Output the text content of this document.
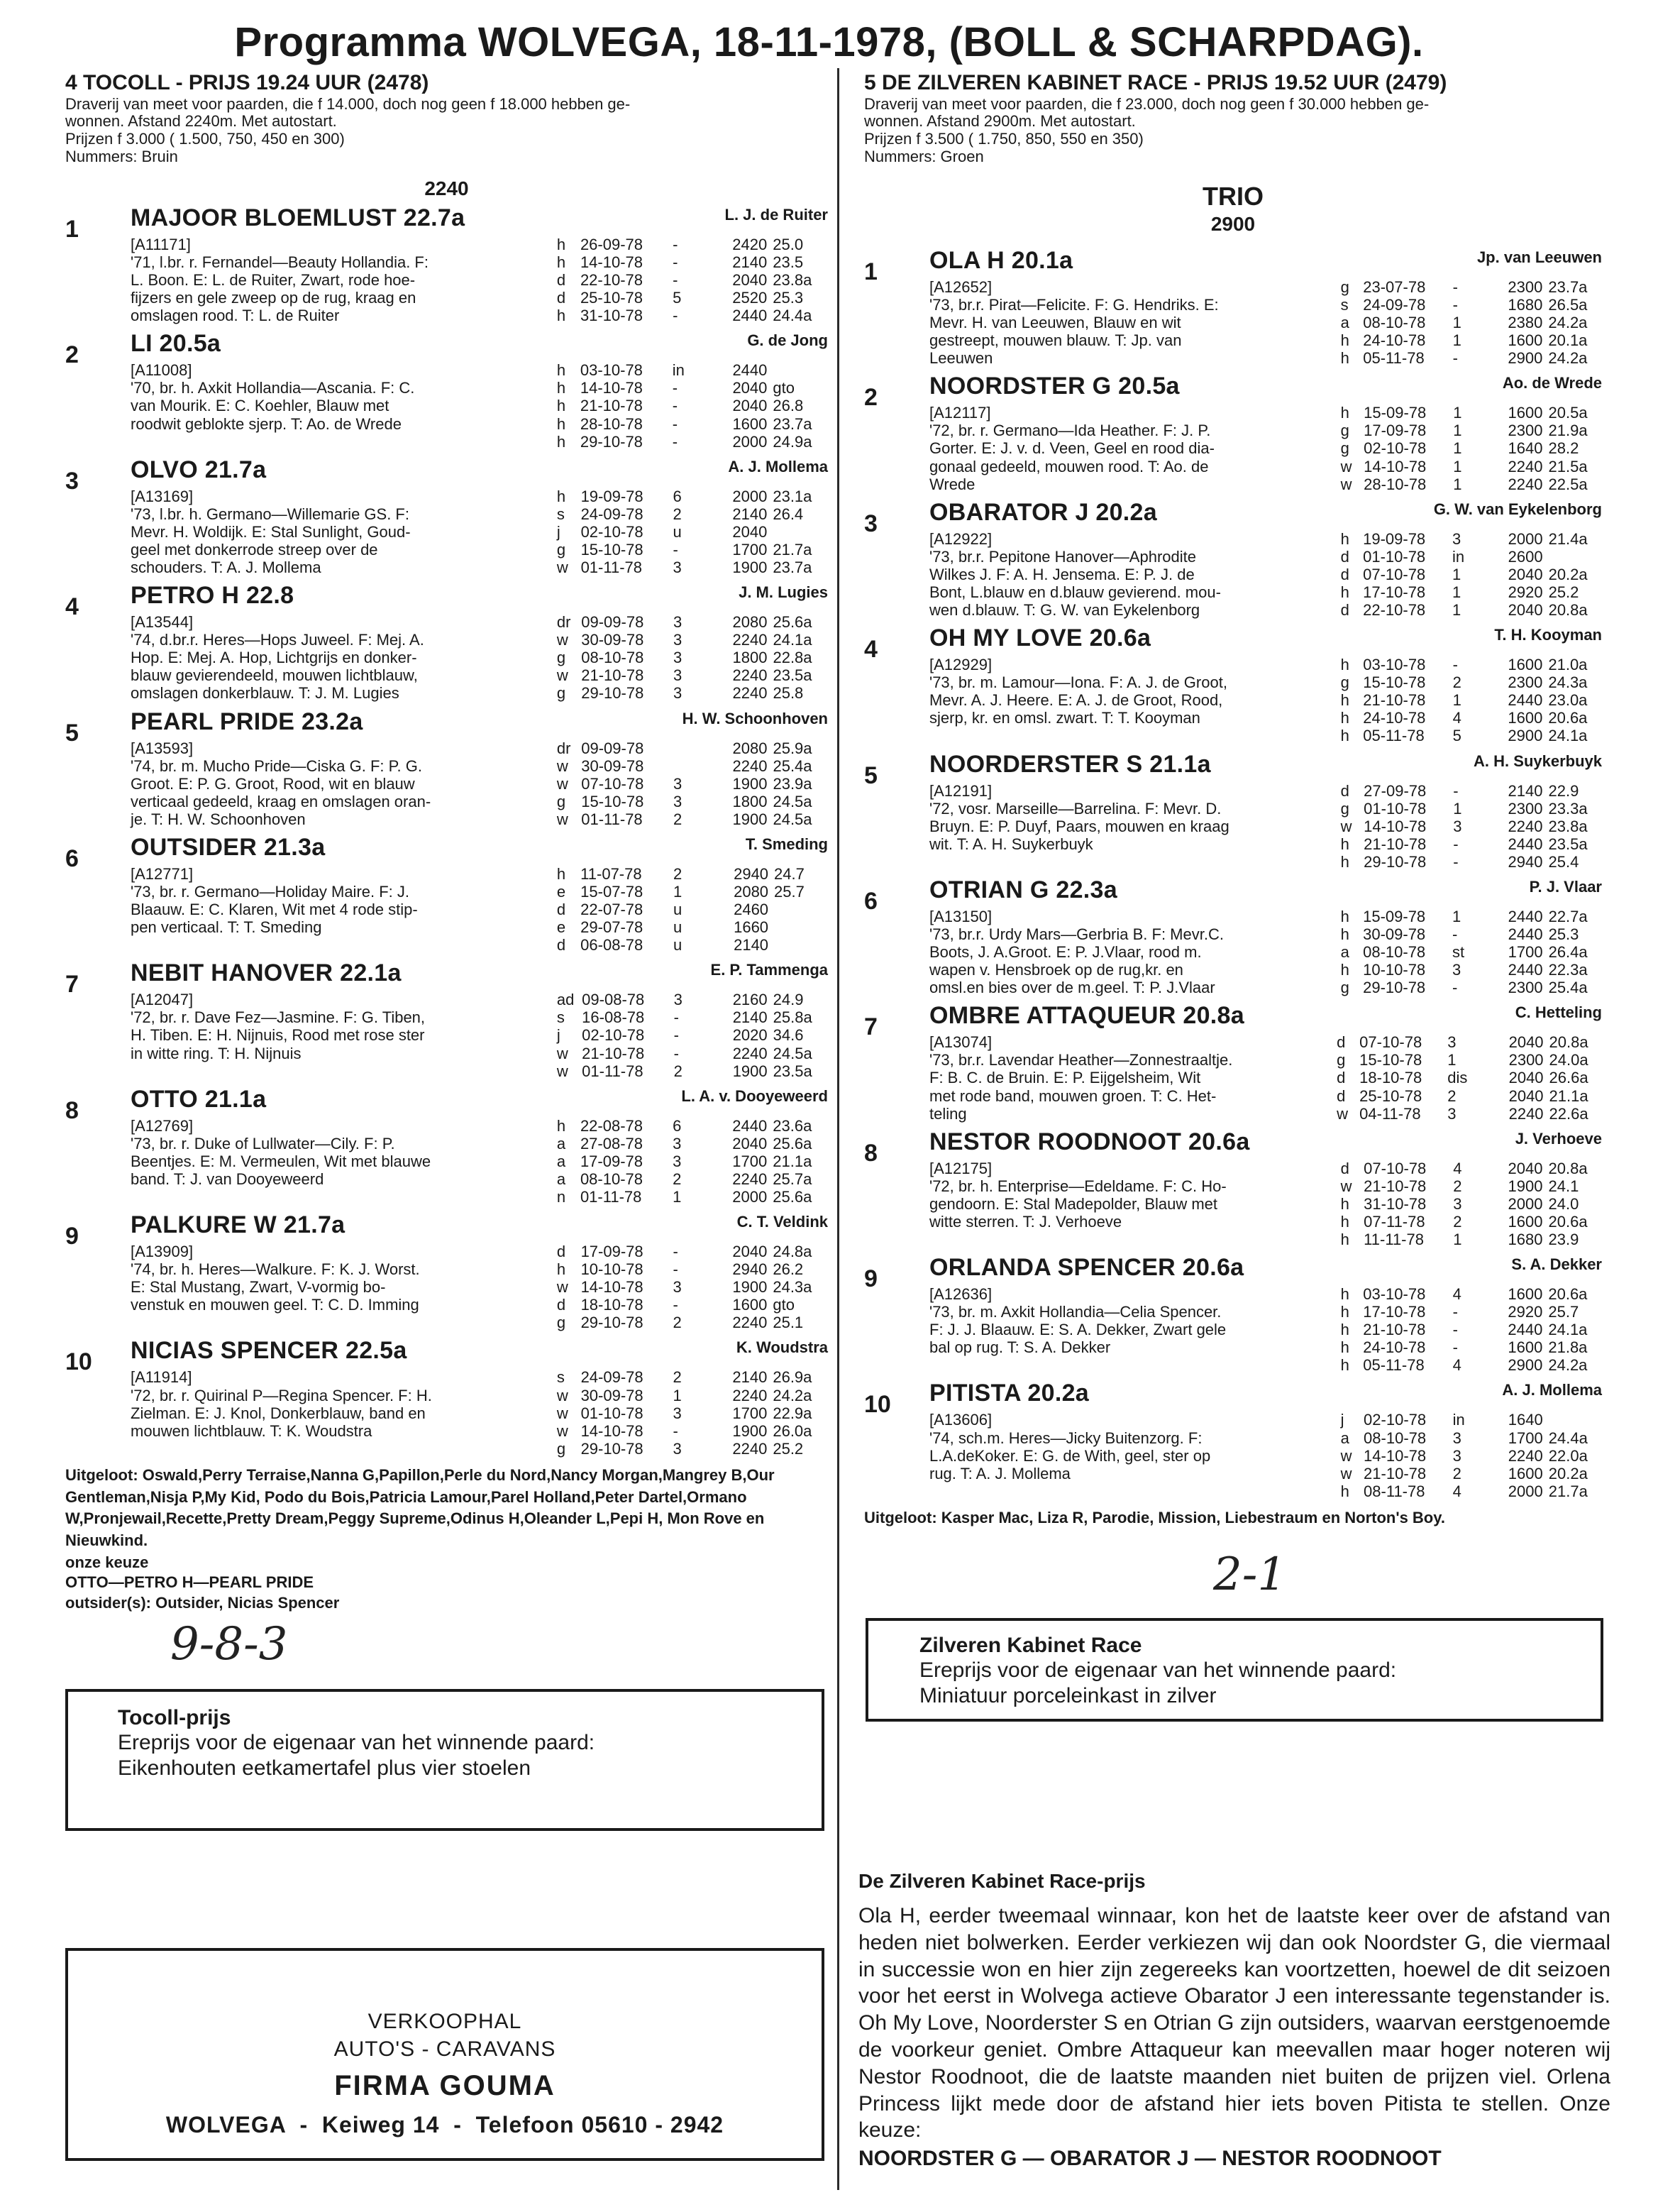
Programma WOLVEGA, 18-11-1978, (BOLL & SCHARPDAG).
4 TOCOLL - PRIJS 19.24 UUR (2478)
Draverij van meet voor paarden, die f 14.000, doch nog geen f 18.000 hebben ge-
wonnen. Afstand 2240m. Met autostart.
Prijzen f 3.000 ( 1.500, 750, 450 en 300)
Nummers: Bruin
2240
1	MAJOOR BLOEMLUST 22.7a	L. J. de Ruiter
[A11171]
'71, l.br. r. Fernandel—Beauty Hollandia. F:
L. Boon. E: L. de Ruiter, Zwart, rode hoe-
fijzers en gele zweep op de rug, kraag en
omslagen rood. T: L. de Ruiter
h	26-09-78	-		2420	25.0
h	14-10-78	-		2140	23.5
d	22-10-78	-		2040	23.8a
d	25-10-78	5		2520	25.3
h	31-10-78	-		2440	24.4a
2	LI 20.5a	G. de Jong
[A11008]
'70, br. h. Axkit Hollandia—Ascania. F: C.
van Mourik. E: C. Koehler, Blauw met
roodwit geblokte sjerp. T: Ao. de Wrede
h	03-10-78	in		2440	
h	14-10-78	-		2040	gto
h	21-10-78	-		2040	26.8
h	28-10-78	-		1600	23.7a
h	29-10-78	-		2000	24.9a
3	OLVO 21.7a	A. J. Mollema
[A13169]
'73, l.br. h. Germano—Willemarie GS. F:
Mevr. H. Woldijk. E: Stal Sunlight, Goud-
geel met donkerrode streep over de
schouders. T: A. J. Mollema
h	19-09-78	6		2000	23.1a
s	24-09-78	2		2140	26.4
j	02-10-78	u		2040	
g	15-10-78	-		1700	21.7a
w	01-11-78	3		1900	23.7a
4	PETRO H 22.8	J. M. Lugies
[A13544]
'74, d.br.r. Heres—Hops Juweel. F: Mej. A.
Hop. E: Mej. A. Hop, Lichtgrijs en donker-
blauw gevierendeeld, mouwen lichtblauw,
omslagen donkerblauw. T: J. M. Lugies
dr	09-09-78	3		2080	25.6a
w	30-09-78	3		2240	24.1a
g	08-10-78	3		1800	22.8a
w	21-10-78	3		2240	23.5a
g	29-10-78	3		2240	25.8
5	PEARL PRIDE 23.2a	H. W. Schoonhoven
[A13593]
'74, br. m. Mucho Pride—Ciska G. F: P. G.
Groot. E: P. G. Groot, Rood, wit en blauw
verticaal gedeeld, kraag en omslagen oran-
je. T: H. W. Schoonhoven
dr	09-09-78			2080	25.9a
w	30-09-78			2240	25.4a
w	07-10-78	3		1900	23.9a
g	15-10-78	3		1800	24.5a
w	01-11-78	2		1900	24.5a
6	OUTSIDER 21.3a	T. Smeding
[A12771]
'73, br. r. Germano—Holiday Maire. F: J.
Blaauw. E: C. Klaren, Wit met 4 rode stip-
pen verticaal. T: T. Smeding
h	11-07-78	2		2940	24.7
e	15-07-78	1		2080	25.7
d	22-07-78	u		2460	
e	29-07-78	u		1660	
d	06-08-78	u		2140	
7	NEBIT HANOVER 22.1a	E. P. Tammenga
[A12047]
'72, br. r. Dave Fez—Jasmine. F: G. Tiben,
H. Tiben. E: H. Nijnuis, Rood met rose ster
in witte ring. T: H. Nijnuis
ad	09-08-78	3		2160	24.9
s	16-08-78	-		2140	25.8a
j	02-10-78	-		2020	34.6
w	21-10-78	-		2240	24.5a
w	01-11-78	2		1900	23.5a
8	OTTO 21.1a	L. A. v. Dooyeweerd
[A12769]
'73, br. r. Duke of Lullwater—Cily. F: P.
Beentjes. E: M. Vermeulen, Wit met blauwe
band. T: J. van Dooyeweerd
h	22-08-78	6		2440	23.6a
a	27-08-78	3		2040	25.6a
a	17-09-78	3		1700	21.1a
a	08-10-78	2		2240	25.7a
n	01-11-78	1		2000	25.6a
9	PALKURE W 21.7a	C. T. Veldink
[A13909]
'74, br. h. Heres—Walkure. F: K. J. Worst.
E: Stal Mustang, Zwart, V-vormig bo-
venstuk en mouwen geel. T: C. D. Imming
d	17-09-78	-		2040	24.8a
h	10-10-78	-		2940	26.2
w	14-10-78	3		1900	24.3a
d	18-10-78	-		1600	gto
g	29-10-78	2		2240	25.1
10	NICIAS SPENCER 22.5a	K. Woudstra
[A11914]
'72, br. r. Quirinal P—Regina Spencer. F: H.
Zielman. E: J. Knol, Donkerblauw, band en
mouwen lichtblauw. T: K. Woudstra
s	24-09-78	2		2140	26.9a
w	30-09-78	1		2240	24.2a
w	01-10-78	3		1700	22.9a
w	14-10-78	-		1900	26.0a
g	29-10-78	3		2240	25.2
Uitgeloot: Oswald,Perry Terraise,Nanna G,Papillon,Perle du Nord,Nancy Morgan,Mangrey B,Our Gentleman,Nisja P,My Kid, Podo du Bois,Patricia Lamour,Parel Holland,Peter Dartel,Ormano W,Pronjewail,Recette,Pretty Dream,Peggy Supreme,Odinus H,Oleander L,Pepi H, Mon Rove en Nieuwkind.
onze keuze
OTTO—PETRO H—PEARL PRIDE
outsider(s): Outsider, Nicias Spencer
5 DE ZILVEREN KABINET RACE - PRIJS 19.52 UUR (2479)
Draverij van meet voor paarden, die f 23.000, doch nog geen f 30.000 hebben ge-
wonnen. Afstand 2900m. Met autostart.
Prijzen f 3.500 ( 1.750, 850, 550 en 350)
Nummers: Groen
TRIO
2900
1	OLA H 20.1a	Jp. van Leeuwen
[A12652]
'73, br.r. Pirat—Felicite. F: G. Hendriks. E:
Mevr. H. van Leeuwen, Blauw en wit
gestreept, mouwen blauw. T: Jp. van
Leeuwen
g	23-07-78	-		2300	23.7a
s	24-09-78	-		1680	26.5a
a	08-10-78	1		2380	24.2a
h	24-10-78	1		1600	20.1a
h	05-11-78	-		2900	24.2a
2	NOORDSTER G 20.5a	Ao. de Wrede
[A12117]
'72, br. r. Germano—Ida Heather. F: J. P.
Gorter. E: J. v. d. Veen, Geel en rood dia-
gonaal gedeeld, mouwen rood. T: Ao. de
Wrede
h	15-09-78	1		1600	20.5a
g	17-09-78	1		2300	21.9a
g	02-10-78	1		1640	28.2
w	14-10-78	1		2240	21.5a
w	28-10-78	1		2240	22.5a
3	OBARATOR J 20.2a	G. W. van Eykelenborg
[A12922]
'73, br.r. Pepitone Hanover—Aphrodite
Wilkes J. F: A. H. Jensema. E: P. J. de
Bont, L.blauw en d.blauw gevierend. mou-
wen d.blauw. T: G. W. van Eykelenborg
h	19-09-78	3		2000	21.4a
d	01-10-78	in		2600	
d	07-10-78	1		2040	20.2a
h	17-10-78	1		2920	25.2
d	22-10-78	1		2040	20.8a
4	OH MY LOVE 20.6a	T. H. Kooyman
[A12929]
'73, br. m. Lamour—Iona. F: A. J. de Groot,
Mevr. A. J. Heere. E: A. J. de Groot, Rood,
sjerp, kr. en omsl. zwart. T: T. Kooyman
h	03-10-78	-		1600	21.0a
g	15-10-78	2		2300	24.3a
h	21-10-78	1		2440	23.0a
h	24-10-78	4		1600	20.6a
h	05-11-78	5		2900	24.1a
5	NOORDERSTER S 21.1a	A. H. Suykerbuyk
[A12191]
'72, vosr. Marseille—Barrelina. F: Mevr. D.
Bruyn. E: P. Duyf, Paars, mouwen en kraag
wit. T: A. H. Suykerbuyk
d	27-09-78	-		2140	22.9
g	01-10-78	1		2300	23.3a
w	14-10-78	3		2240	23.8a
h	21-10-78	-		2440	23.5a
h	29-10-78	-		2940	25.4
6	OTRIAN G 22.3a	P. J. Vlaar
[A13150]
'73, br.r. Urdy Mars—Gerbria B. F: Mevr.C.
Boots, J. A.Groot. E: P. J.Vlaar, rood m.
wapen v. Hensbroek op de rug,kr. en
omsl.en bies over de m.geel. T: P. J.Vlaar
h	15-09-78	1		2440	22.7a
h	30-09-78	-		2440	25.3
a	08-10-78	st		1700	26.4a
h	10-10-78	3		2440	22.3a
g	29-10-78	-		2300	25.4a
7	OMBRE ATTAQUEUR 20.8a	C. Hetteling
[A13074]
'73, br.r. Lavendar Heather—Zonnestraaltje.
F: B. C. de Bruin. E: P. Eijgelsheim, Wit
met rode band, mouwen groen. T: C. Het-
teling
d	07-10-78	3		2040	20.8a
g	15-10-78	1		2300	24.0a
d	18-10-78	dis		2040	26.6a
d	25-10-78	2		2040	21.1a
w	04-11-78	3		2240	22.6a
8	NESTOR ROODNOOT 20.6a	J. Verhoeve
[A12175]
'72, br. h. Enterprise—Edeldame. F: C. Ho-
gendoorn. E: Stal Madepolder, Blauw met
witte sterren. T: J. Verhoeve
d	07-10-78	4		2040	20.8a
w	21-10-78	2		1900	24.1
h	31-10-78	3		2000	24.0
h	07-11-78	2		1600	20.6a
h	11-11-78	1		1680	23.9
9	ORLANDA SPENCER 20.6a	S. A. Dekker
[A12636]
'73, br. m. Axkit Hollandia—Celia Spencer.
F: J. J. Blaauw. E: S. A. Dekker, Zwart gele
bal op rug. T: S. A. Dekker
h	03-10-78	4		1600	20.6a
h	17-10-78	-		2920	25.7
h	21-10-78	-		2440	24.1a
h	24-10-78	-		1600	21.8a
h	05-11-78	4		2900	24.2a
10	PITISTA 20.2a	A. J. Mollema
[A13606]
'74, sch.m. Heres—Jicky Buitenzorg. F:
L.A.deKoker. E: G. de With, geel, ster op
rug. T: A. J. Mollema
j	02-10-78	in		1640	
a	08-10-78	3		1700	24.4a
w	14-10-78	3		2240	22.0a
w	21-10-78	2		1600	20.2a
h	08-11-78	4		2000	21.7a
Uitgeloot: Kasper Mac, Liza R, Parodie, Mission, Liebestraum en Norton's Boy.
9-8-3
2-1
Tocoll-prijs
Ereprijs voor de eigenaar van het winnende paard:
Eikenhouten eetkamertafel plus vier stoelen
Zilveren Kabinet Race
Ereprijs voor de eigenaar van het winnende paard:
Miniatuur porceleinkast in zilver
VERKOOPHAL
AUTO'S - CARAVANS
FIRMA GOUMA
WOLVEGA  -  Keiweg 14  -  Telefoon 05610 - 2942
De Zilveren Kabinet Race-prijs
Ola H, eerder tweemaal winnaar, kon het de laatste keer over de afstand van heden niet bolwerken. Eerder verkiezen wij dan ook Noordster G, die viermaal in successie won en hier zijn zegereeks kan voortzetten, hoewel de dit seizoen voor het eerst in Wolvega actieve Obarator J een interessante tegenstander is. Oh My Love, Noorderster S en Otrian G zijn outsiders, waarvan eerstgenoemde de voorkeur geniet. Ombre Attaqueur kan meevallen maar hoger noteren wij Nestor Roodnoot, die de laatste maanden niet buiten de prijzen viel. Orlena Princess lijkt mede door de afstand hier iets boven Pitista te stellen. Onze keuze:
NOORDSTER G — OBARATOR J — NESTOR ROODNOOT
